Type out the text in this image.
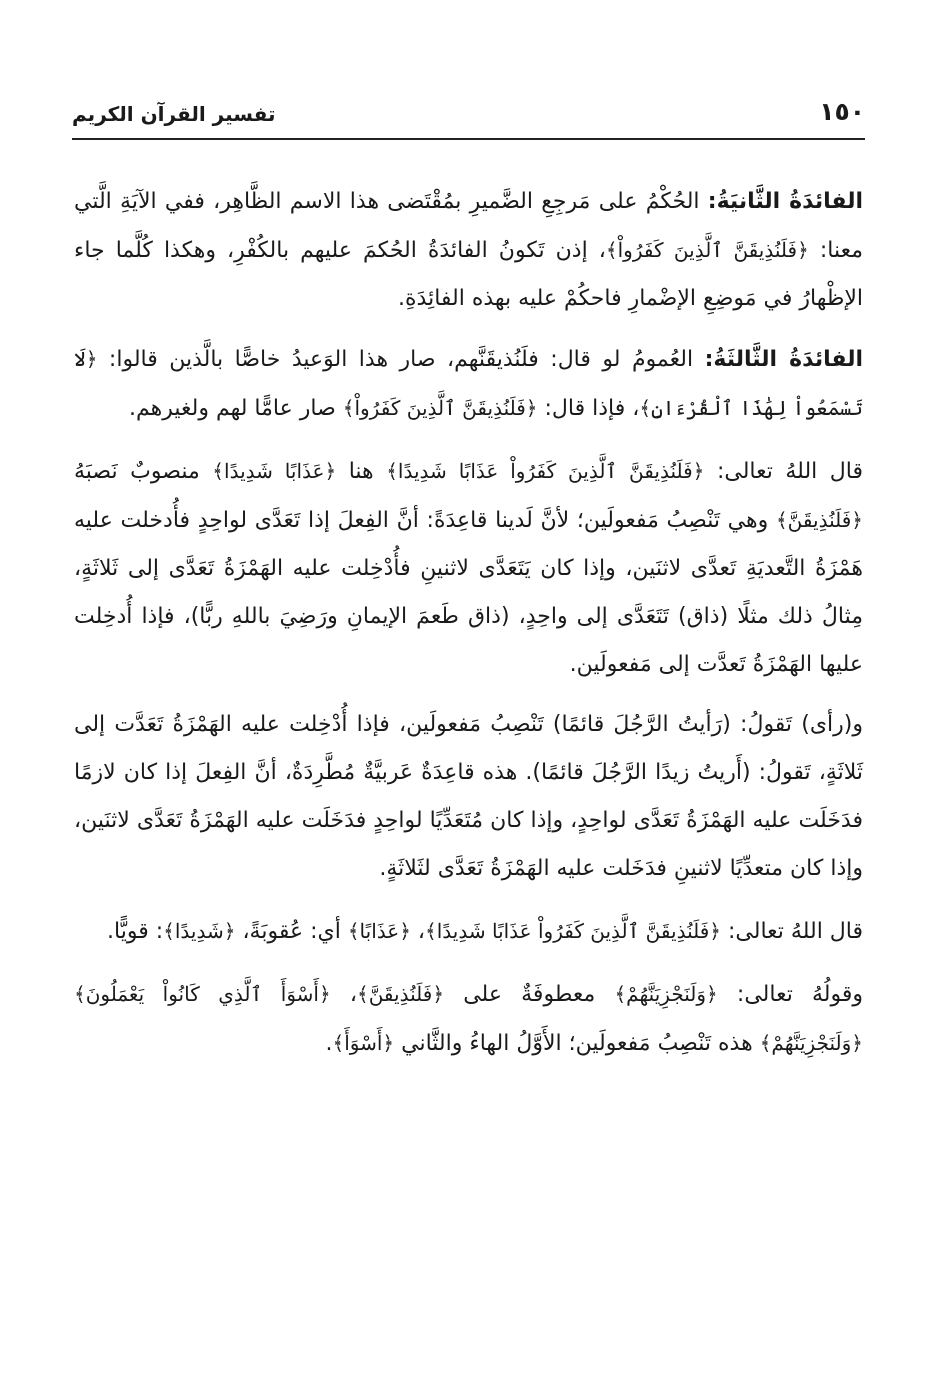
١٥٠
تفسير القرآن الكريم

الفائدَةُ الثَّانيَةُ: الحُكْمُ على مَرجِعِ الضَّميرِ بمُقْتَضى هذا الاسم الظَّاهِر، ففي الآيَةِ الَّتي معنا: ﴿فَلَنُذِيقَنَّ ٱلَّذِينَ كَفَرُواْ﴾، إذن تَكونُ الفائدَةُ الحُكمَ عليهم بالكُفْرِ، وهكذا كُلَّما جاء الإظْهارُ في مَوضِعِ الإضْمارِ فاحكُمْ عليه بهذه الفائِدَةِ.

الفائدَةُ الثَّالثَةُ: العُمومُ لو قال: فلَنُذيقَنَّهم، صار هذا الوَعيدُ خاصًّا بالَّذين قالوا: ﴿لَا تَسْمَعُواْ لِهَٰذَا ٱلْقُرْءَانِ﴾، فإذا قال: ﴿فَلَنُذِيقَنَّ ٱلَّذِينَ كَفَرُواْ﴾ صار عامًّا لهم ولغيرهم.

قال اللهُ تعالى: ﴿فَلَنُذِيقَنَّ ٱلَّذِينَ كَفَرُواْ عَذَابًا شَدِيدًا﴾ هنا ﴿عَذَابًا شَدِيدًا﴾ منصوبٌ نَصبَهُ ﴿فَلَنُذِيقَنَّ﴾ وهي تَنْصِبُ مَفعولَين؛ لأنَّ لَدينا قاعِدَةً: أنَّ الفِعلَ إذا تَعَدَّى لواحِدٍ فأُدخلت عليه هَمْزَةُ التَّعديَةِ تَعدَّى لاثنَين، وإذا كان يَتَعَدَّى لاثنينِ فأُدْخِلت عليه الهَمْزَةُ تَعَدَّى إلى ثَلاثَةٍ، مِثالُ ذلك مثلًا (ذاق) تَتَعَدَّى إلى واحِدٍ، (ذاق طَعمَ الإيمانِ ورَضِيَ باللهِ ربًّا)، فإذا أُدخِلت عليها الهَمْزَةُ تَعدَّت إلى مَفعولَين.

و(رأى) تَقولُ: (رَأيتُ الرَّجُلَ قائمًا) تَنْصِبُ مَفعولَين، فإذا أُدْخِلت عليه الهَمْزَةُ تَعَدَّت إلى ثَلاثَةٍ، تَقولُ: (أَريتُ زيدًا الرَّجُلَ قائمًا). هذه قاعِدَةٌ عَربيَّةٌ مُطَّرِدَةٌ، أنَّ الفِعلَ إذا كان لازمًا فدَخَلَت عليه الهَمْزَةُ تَعَدَّى لواحِدٍ، وإذا كان مُتَعَدِّيًا لواحِدٍ فدَخَلَت عليه الهَمْزَةُ تَعَدَّى لاثنَين، وإذا كان متعدِّيًا لاثنينِ فدَخَلت عليه الهَمْزَةُ تَعَدَّى لثَلاثَةٍ.

قال اللهُ تعالى: ﴿فَلَنُذِيقَنَّ ٱلَّذِينَ كَفَرُواْ عَذَابًا شَدِيدًا﴾، ﴿عَذَابًا﴾ أي: عُقوبَةً، ﴿شَدِيدًا﴾: قويًّا.

وقولُهُ تعالى: ﴿وَلَنَجْزِيَنَّهُمْ﴾ معطوفَةٌ على ﴿فَلَنُذِيقَنَّ﴾، ﴿أَسْوَأَ ٱلَّذِي كَانُواْ يَعْمَلُونَ﴾ ﴿وَلَنَجْزِيَنَّهُمْ﴾ هذه تَنْصِبُ مَفعولَين؛ الأَوَّلُ الهاءُ والثَّاني ﴿أَسْوَأَ﴾.
